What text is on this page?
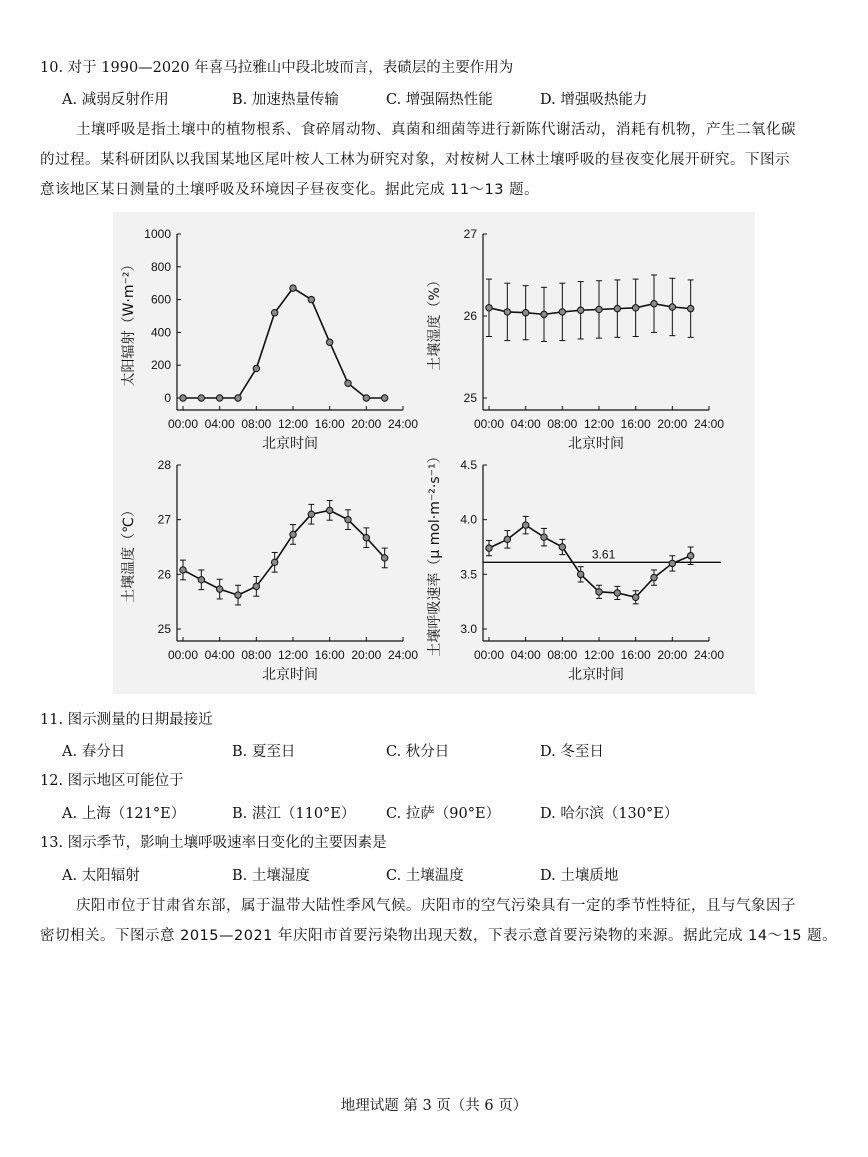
10. 对于 1990—2020 年喜马拉雅山中段北坡而言，表碛层的主要作用为
A. 减弱反射作用	B. 加速热量传输	C. 增强隔热性能	D. 增强吸热能力
土壤呼吸是指土壤中的植物根系、食碎屑动物、真菌和细菌等进行新陈代谢活动，消耗有机物，产生二氧化碳
的过程。某科研团队以我国某地区尾叶桉人工林为研究对象，对桉树人工林土壤呼吸的昼夜变化展开研究。下图示
意该地区某日测量的土壤呼吸及环境因子昼夜变化。据此完成 11～13 题。
0
200
400
600
800
1000
00:00 04:00 08:00 12:00 16:00 20:00 24:00
北京时间
太阳辐射（W·m⁻²）
25
26
27
00:00 04:00 08:00 12:00 16:00 20:00 24:00
北京时间
土壤湿度（%）
25
26
27
28
00:00 04:00 08:00 12:00 16:00 20:00 24:00
北京时间
土壤温度（℃）
3.0
3.5
4.0
4.5
00:00 04:00 08:00 12:00 16:00 20:00 24:00
北京时间
土壤呼吸速率（μ mol·m⁻²·s⁻¹）	3.61
11. 图示测量的日期最接近
A. 春分日	B. 夏至日	C. 秋分日	D. 冬至日
12. 图示地区可能位于
A. 上海（121°E）	B. 湛江（110°E） C. 拉萨（90°E）	D. 哈尔滨（130°E）
13. 图示季节，影响土壤呼吸速率日变化的主要因素是
A. 太阳辐射	B. 土壤湿度	C. 土壤温度	D. 土壤质地
庆阳市位于甘肃省东部，属于温带大陆性季风气候。庆阳市的空气污染具有一定的季节性特征，且与气象因子
密切相关。下图示意 2015—2021 年庆阳市首要污染物出现天数，下表示意首要污染物的来源。据此完成 14～15 题。
地理试题 第 3 页（共 6 页）
